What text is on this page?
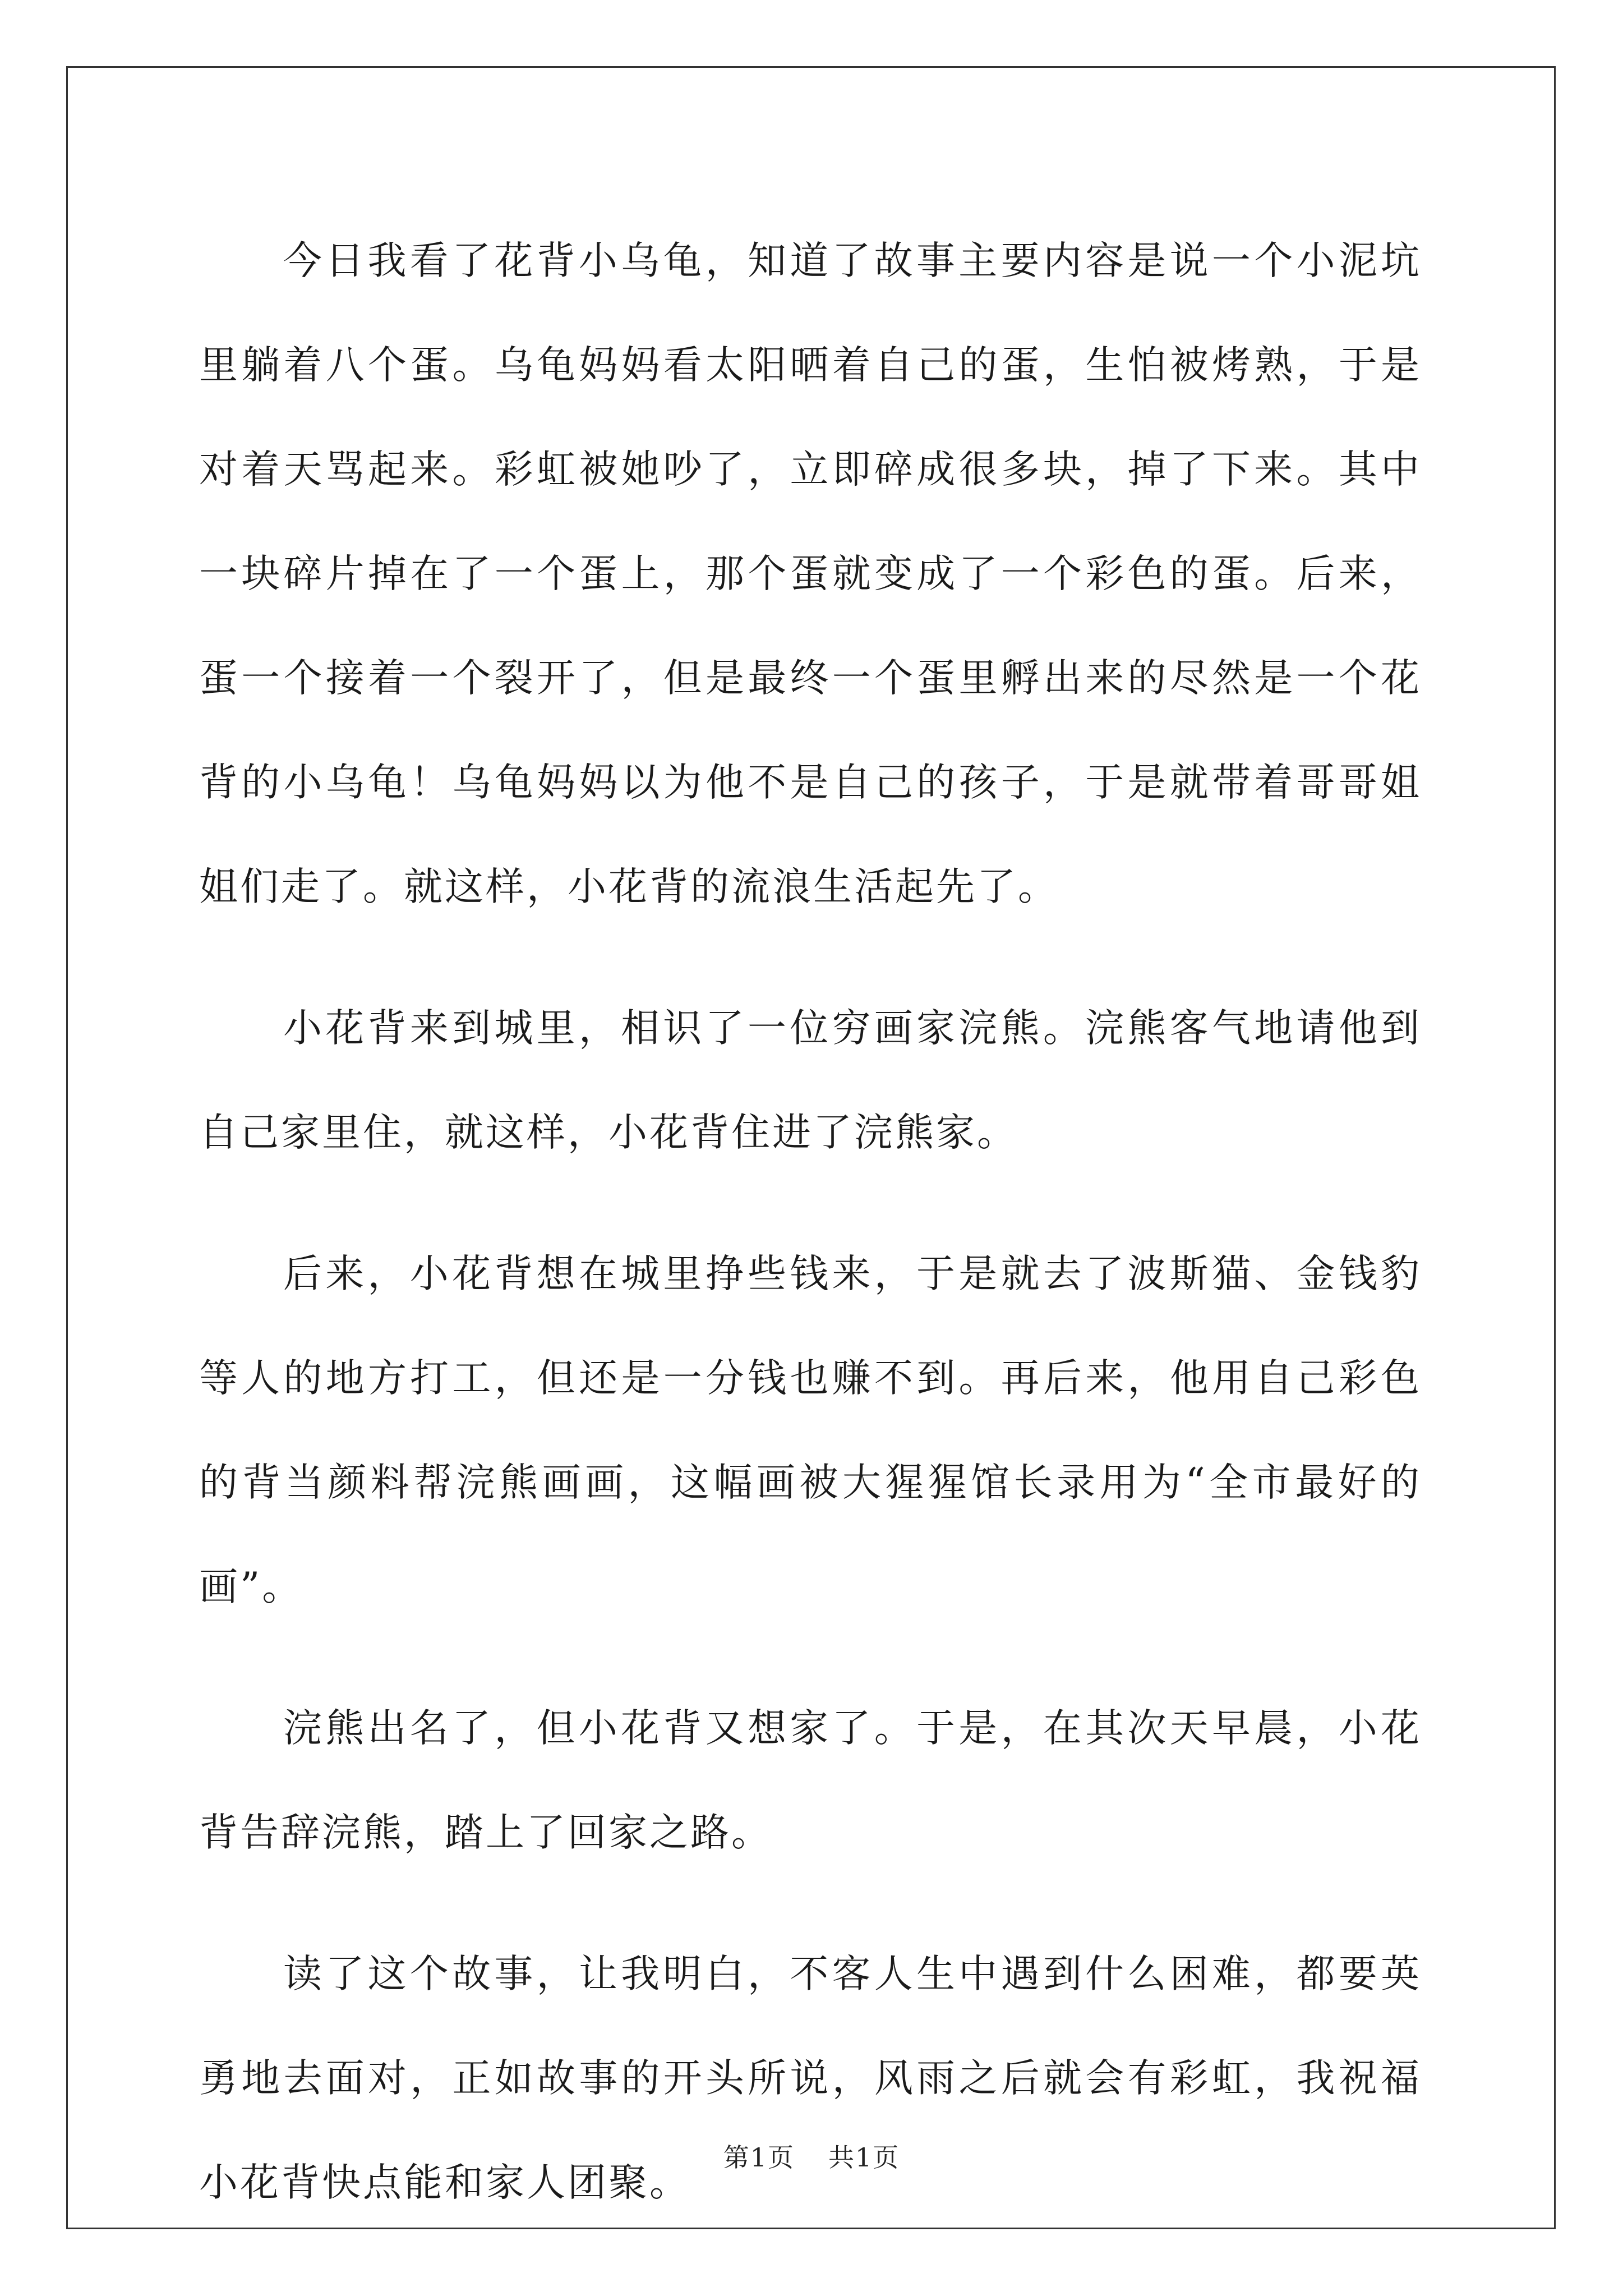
今日我看了花背小乌龟，知道了故事主要内容是说一个小泥坑里躺着八个蛋。乌龟妈妈看太阳晒着自己的蛋，生怕被烤熟，于是对着天骂起来。彩虹被她吵了，立即碎成很多块，掉了下来。其中一块碎片掉在了一个蛋上，那个蛋就变成了一个彩色的蛋。后来，蛋一个接着一个裂开了，但是最终一个蛋里孵出来的尽然是一个花背的小乌龟！乌龟妈妈以为他不是自己的孩子，于是就带着哥哥姐姐们走了。就这样，小花背的流浪生活起先了。

小花背来到城里，相识了一位穷画家浣熊。浣熊客气地请他到自己家里住，就这样，小花背住进了浣熊家。

后来，小花背想在城里挣些钱来，于是就去了波斯猫、金钱豹等人的地方打工，但还是一分钱也赚不到。再后来，他用自己彩色的背当颜料帮浣熊画画，这幅画被大猩猩馆长录用为“全市最好的画”。

浣熊出名了，但小花背又想家了。于是，在其次天早晨，小花背告辞浣熊，踏上了回家之路。

读了这个故事，让我明白，不客人生中遇到什么困难，都要英勇地去面对，正如故事的开头所说，风雨之后就会有彩虹，我祝福小花背快点能和家人团聚。

第1页 共1页
